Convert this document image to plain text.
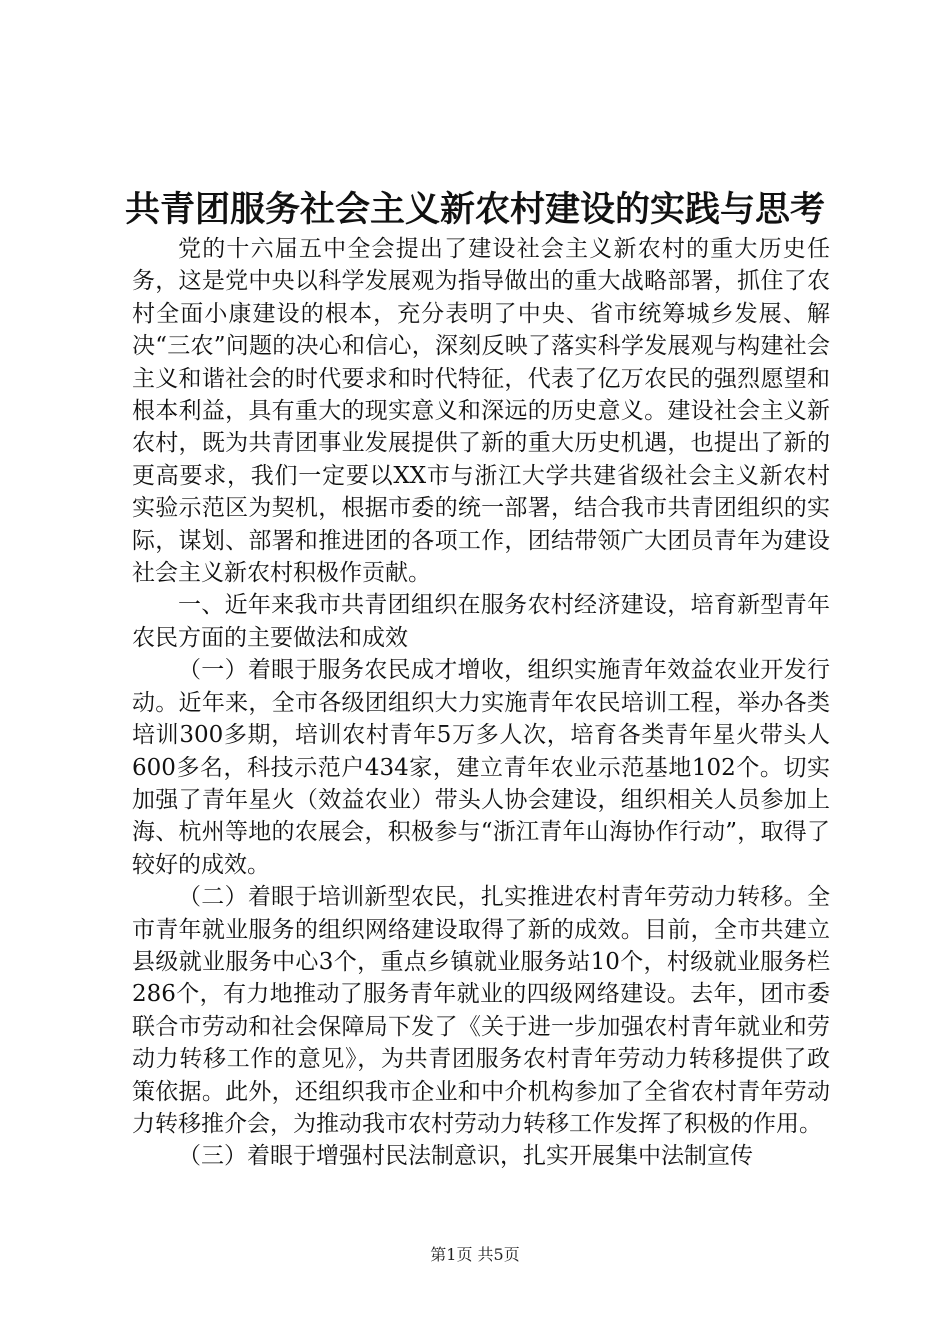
共青团服务社会主义新农村建设的实践与思考

党的十六届五中全会提出了建设社会主义新农村的重大历史任务，这是党中央以科学发展观为指导做出的重大战略部署，抓住了农村全面小康建设的根本，充分表明了中央、省市统筹城乡发展、解决“三农”问题的决心和信心，深刻反映了落实科学发展观与构建社会主义和谐社会的时代要求和时代特征，代表了亿万农民的强烈愿望和根本利益，具有重大的现实意义和深远的历史意义。建设社会主义新农村，既为共青团事业发展提供了新的重大历史机遇，也提出了新的更高要求，我们一定要以XX市与浙江大学共建省级社会主义新农村实验示范区为契机，根据市委的统一部署，结合我市共青团组织的实际，谋划、部署和推进团的各项工作，团结带领广大团员青年为建设社会主义新农村积极作贡献。

一、近年来我市共青团组织在服务农村经济建设，培育新型青年农民方面的主要做法和成效

（一）着眼于服务农民成才增收，组织实施青年效益农业开发行动。近年来，全市各级团组织大力实施青年农民培训工程，举办各类培训300多期，培训农村青年5万多人次，培育各类青年星火带头人600多名，科技示范户434家，建立青年农业示范基地102个。切实加强了青年星火（效益农业）带头人协会建设，组织相关人员参加上海、杭州等地的农展会，积极参与“浙江青年山海协作行动”，取得了较好的成效。

（二）着眼于培训新型农民，扎实推进农村青年劳动力转移。全市青年就业服务的组织网络建设取得了新的成效。目前，全市共建立县级就业服务中心3个，重点乡镇就业服务站10个，村级就业服务栏286个，有力地推动了服务青年就业的四级网络建设。去年，团市委联合市劳动和社会保障局下发了《关于进一步加强农村青年就业和劳动力转移工作的意见》，为共青团服务农村青年劳动力转移提供了政策依据。此外，还组织我市企业和中介机构参加了全省农村青年劳动力转移推介会，为推动我市农村劳动力转移工作发挥了积极的作用。

（三）着眼于增强村民法制意识，扎实开展集中法制宣传

第1页 共5页
